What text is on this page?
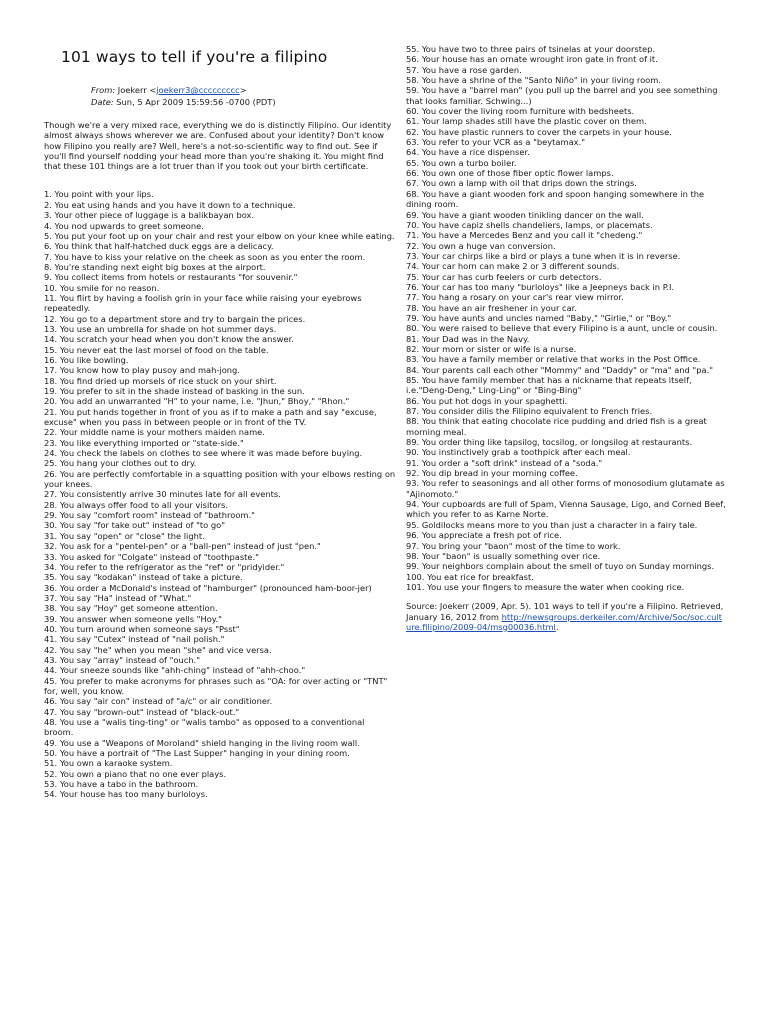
101 ways to tell if you're a filipino
From: Joekerr <joekerr3@ccccccccc>
Date: Sun, 5 Apr 2009 15:59:56 -0700 (PDT)
Though we're a very mixed race, everything we do is distinctly Filipino. Our identity almost always shows wherever we are. Confused about your identity? Don't know how Filipino you really are? Well, here's a not-so-scientific way to find out. See if you'll find yourself nodding your head more than you're shaking it. You might find that these 101 things are a lot truer than if you took out your birth certificate.
1. You point with your lips.
2. You eat using hands and you have it down to a technique.
3. Your other piece of luggage is a balikbayan box.
4. You nod upwards to greet someone.
5. You put your foot up on your chair and rest your elbow on your knee while eating.
6. You think that half-hatched duck eggs are a delicacy.
7. You have to kiss your relative on the cheek as soon as you enter the room.
8. You're standing next eight big boxes at the airport.
9. You collect items from hotels or restaurants "for souvenir."
10. You smile for no reason.
11. You flirt by having a foolish grin in your face while raising your eyebrows repeatedly.
12. You go to a department store and try to bargain the prices.
13. You use an umbrella for shade on hot summer days.
14. You scratch your head when you don't know the answer.
15. You never eat the last morsel of food on the table.
16. You like bowling.
17. You know how to play pusoy and mah-jong.
18. You find dried up morsels of rice stuck on your shirt.
19. You prefer to sit in the shade instead of basking in the sun.
20. You add an unwarranted "H" to your name, i.e. "Jhun," Bhoy," "Rhon."
21. You put hands together in front of you as if to make a path and say "excuse, excuse" when you pass in between people or in front of the TV.
22. Your middle name is your mothers maiden name.
23. You like everything imported or "state-side."
24. You check the labels on clothes to see where it was made before buying.
25. You hang your clothes out to dry.
26. You are perfectly comfortable in a squatting position with your elbows resting on your knees.
27. You consistently arrive 30 minutes late for all events.
28. You always offer food to all your visitors.
29. You say "comfort room" instead of "bathroom."
30. You say "for take out" instead of "to go"
31. You say "open" or "close" the light.
32. You ask for a "pentel-pen" or a "ball-pen" instead of just "pen."
33. You asked for "Colgate" instead of "toothpaste."
34. You refer to the refrigerator as the "ref" or "pridyider."
35. You say "kodakan" instead of take a picture.
36. You order a McDonald's instead of "hamburger" (pronounced ham-boor-jer)
37. You say "Ha" instead of "What."
38. You say "Hoy" get someone attention.
39. You answer when someone yells "Hoy."
40. You turn around when someone says "Psst"
41. You say "Cutex" instead of "nail polish."
42. You say "he" when you mean "she" and vice versa.
43. You say "array" instead of "ouch."
44. Your sneeze sounds like "ahh-ching" instead of "ahh-choo."
45. You prefer to make acronyms for phrases such as "OA: for over acting or "TNT" for, well, you know.
46. You say "air con" instead of "a/c" or air conditioner.
47. You say "brown-out" instead of "black-out."
48. You use a "walis ting-ting" or "walis tambo" as opposed to a conventional broom.
49. You use a "Weapons of Moroland" shield hanging in the living room wall.
50. You have a portrait of "The Last Supper" hanging in your dining room.
51. You own a karaoke system.
52. You own a piano that no one ever plays.
53. You have a tabo in the bathroom.
54. Your house has too many burloloys.
55. You have two to three pairs of tsinelas at your doorstep.
56. Your house has an ornate wrought iron gate in front of it.
57. You have a rose garden.
58. You have a shrine of the "Santo Niño" in your living room.
59. You have a "barrel man" (you pull up the barrel and you see something that looks familiar. Schwing...)
60. You cover the living room furniture with bedsheets.
61. Your lamp shades still have the plastic cover on them.
62. You have plastic runners to cover the carpets in your house.
63. You refer to your VCR as a "beytamax."
64. You have a rice dispenser.
65. You own a turbo boiler.
66. You own one of those fiber optic flower lamps.
67. You own a lamp with oil that drips down the strings.
68. You have a giant wooden fork and spoon hanging somewhere in the dining room.
69. You have a giant wooden tinikling dancer on the wall.
70. You have capiz shells chandeliers, lamps, or placemats.
71. You have a Mercedes Benz and you call it "chedeng."
72. You own a huge van conversion.
73. Your car chirps like a bird or plays a tune when it is in reverse.
74. Your car horn can make 2 or 3 different sounds.
75. Your car has curb feelers or curb detectors.
76. Your car has too many "burloloys" like a Jeepneys back in P.I.
77. You hang a rosary on your car's rear view mirror.
78. You have an air freshener in your car.
79. You have aunts and uncles named "Baby," "Girlie," or "Boy."
80. You were raised to believe that every Filipino is a aunt, uncle or cousin.
81. Your Dad was in the Navy.
82. Your mom or sister or wife is a nurse.
83. You have a family member or relative that works in the Post Office.
84. Your parents call each other "Mommy" and "Daddy" or "ma" and "pa."
85. You have family member that has a nickname that repeats itself, i.e."Deng-Deng," Ling-Ling" or "Bing-Bing"
86. You put hot dogs in your spaghetti.
87. You consider dilis the Filipino equivalent to French fries.
88. You think that eating chocolate rice pudding and dried fish is a great morning meal.
89. You order thing like tapsilog, tocsilog, or longsilog at restaurants.
90. You instinctively grab a toothpick after each meal.
91. You order a "soft drink" instead of a "soda."
92. You dip bread in your morning coffee.
93. You refer to seasonings and all other forms of monosodium glutamate as "Ajinomoto."
94. Your cupboards are full of Spam, Vienna Sausage, Ligo, and Corned Beef, which you refer to as Karne Norte.
95. Goldilocks means more to you than just a character in a fairy tale.
96. You appreciate a fresh pot of rice.
97. You bring your "baon" most of the time to work.
98. Your "baon" is usually something over rice.
99. Your neighbors complain about the smell of tuyo on Sunday mornings.
100. You eat rice for breakfast.
101. You use your fingers to measure the water when cooking rice.
Source: Joekerr (2009, Apr. 5). 101 ways to tell if you're a Filipino. Retrieved, January 16, 2012 from http://newsgroups.derkeiler.com/Archive/Soc/soc.culture.filipino/2009-04/msg00036.html.
